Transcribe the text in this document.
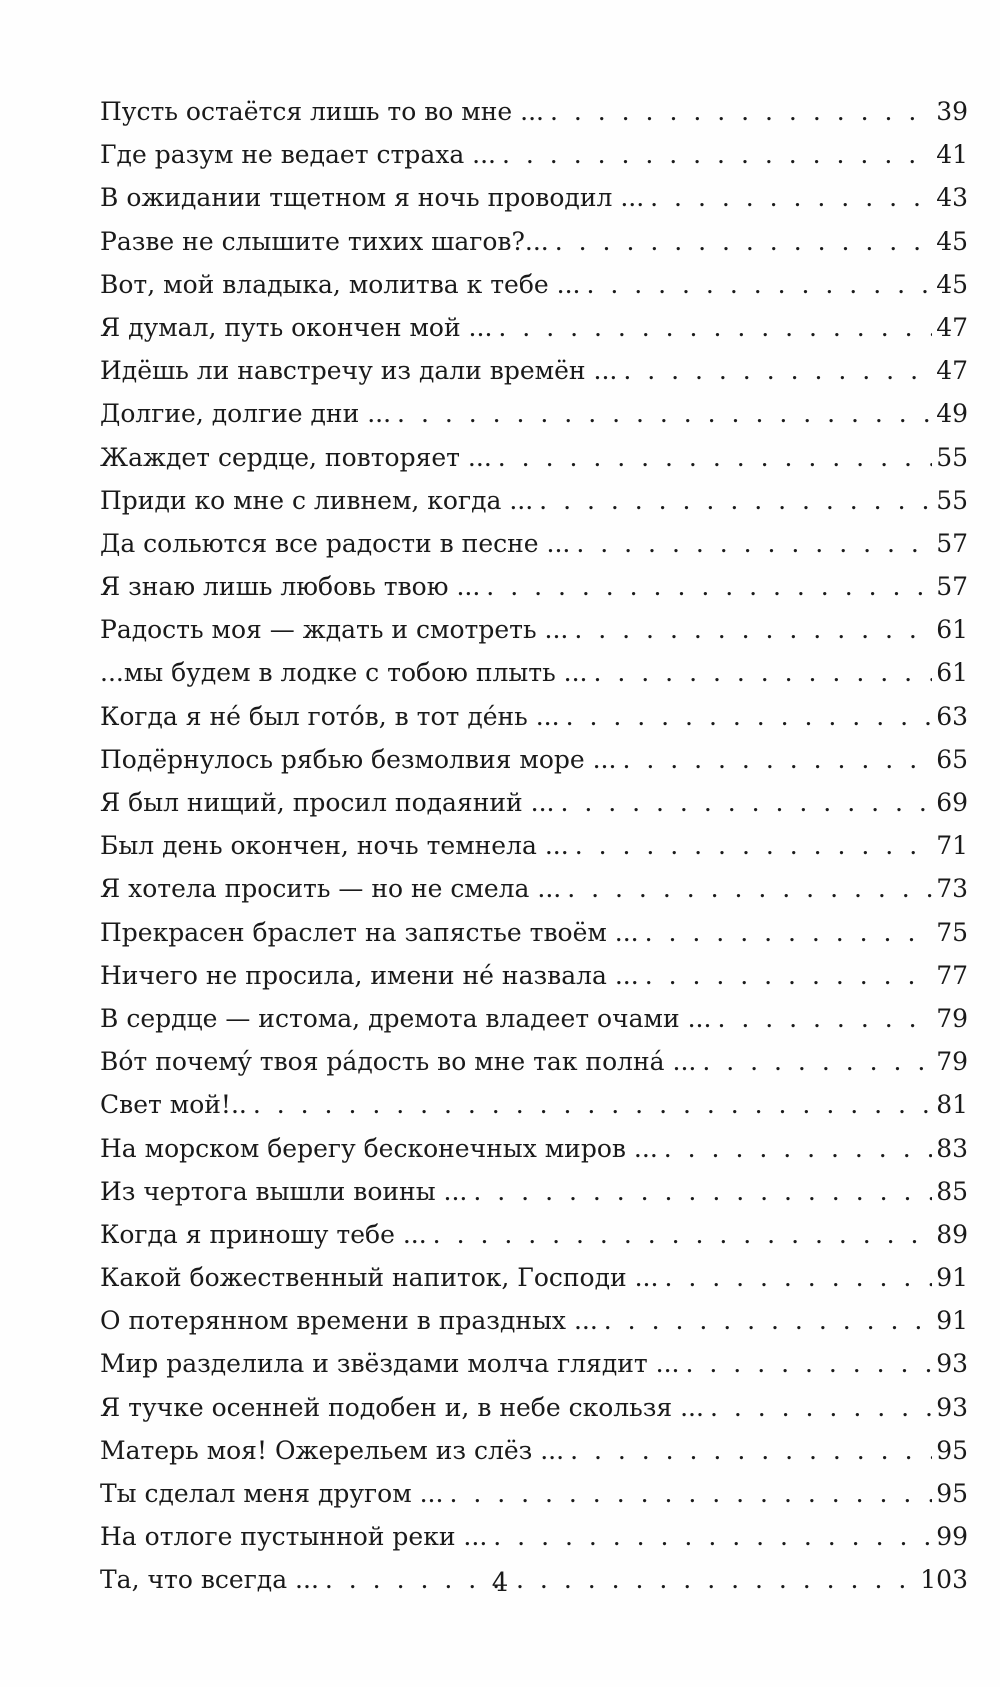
Пусть остаётся лишь то во мне ... . . .	39
Где разум не ведает страха ... . . .	41
В ожидании тщетном я ночь проводил ... . . .	43
Разве не слышите тихих шагов?... . . .	45
Вот, мой владыка, молитва к тебе ... . . .	45
Я думал, путь окончен мой ... . . .	47
Идёшь ли навстречу из дали времён ... . . .	47
Долгие, долгие дни ... . . .	49
Жаждет сердце, повторяет ... . . .	55
Приди ко мне с ливнем, когда ... . . .	55
Да сольются все радости в песне ... . . .	57
Я знаю лишь любовь твою ... . . .	57
Радость моя — ждать и смотреть ... . . .	61
...мы будем в лодке с тобою плыть ... . . .	61
Когда я нé был готóв, в тот дéнь ... . . .	63
Подёрнулось рябью безмолвия море ... . . .	65
Я был нищий, просил подаяний ... . . .	69
Был день окончен, ночь темнела ... . . .	71
Я хотела просить — но не смела ... . . .	73
Прекрасен браслет на запястье твоём ... . . .	75
Ничего не просила, имени нé назвала ... . . .	77
В сердце — истома, дремота владеет очами ... . . .	79
Вóт почемý твоя рáдость во мне так полнá ... . . .	79
Свет мой!.. . . .	81
На морском берегу бесконечных миров ... . . .	83
Из чертога вышли воины ... . . .	85
Когда я приношу тебе ... . . .	89
Какой божественный напиток, Господи ... . . .	91
О потерянном времени в праздных ... . . .	91
Мир разделила и звёздами молча глядит ... . . .	93
Я тучке осенней подобен и, в небе скользя ... . . .	93
Матерь моя! Ожерельем из слёз ... . . .	95
Ты сделал меня другом ... . . .	95
На отлоге пустынной реки ... . . .	99
Та, что всегда ... . . .	103
4
